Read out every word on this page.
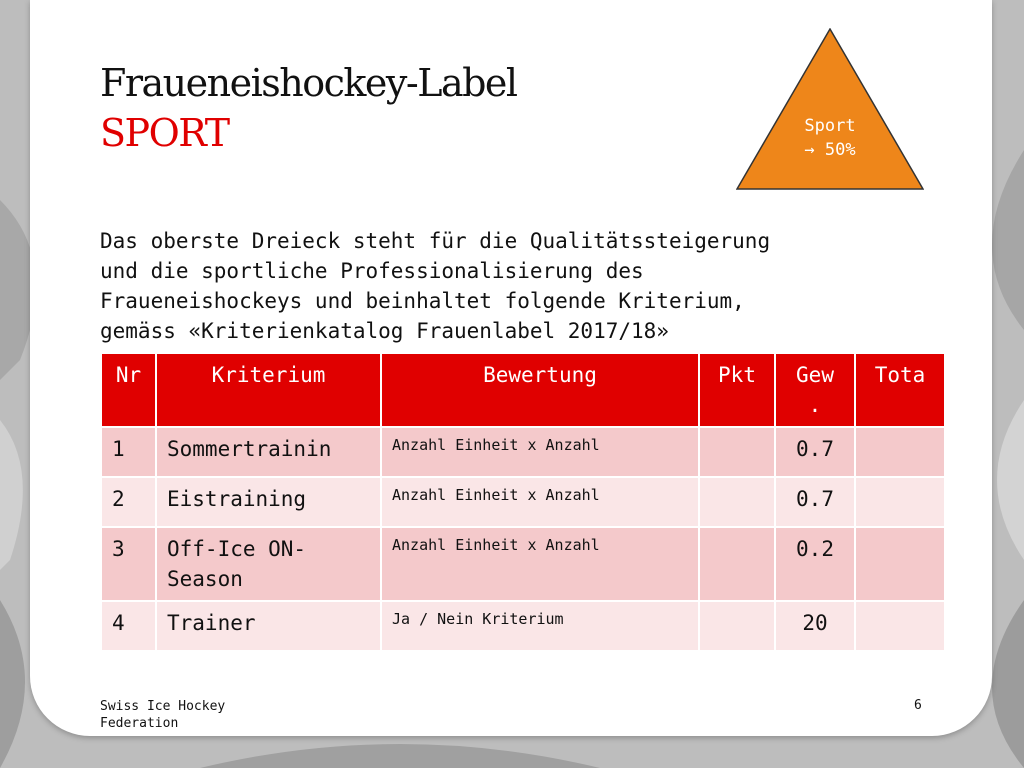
Fraueneishockey-Label
SPORT	Sport
→ 50%
Das oberste Dreieck steht für die Qualitätssteigerung
und die sportliche Professionalisierung des
Fraueneishockeys und beinhaltet folgende Kriterium,
gemäss «Kriterienkatalog Frauenlabel 2017/18»
Nr	Kriterium	Bewertung	Pkt	Gew .	Tota
1	Sommertrainin	Anzahl Einheit x Anzahl		0.7	
2	Eistraining	Anzahl Einheit x Anzahl		0.7	
3	Off-Ice ON-Season	Anzahl Einheit x Anzahl		0.2	
4	Trainer	Ja / Nein Kriterium		20	
Swiss Ice Hockey
Federation
6
